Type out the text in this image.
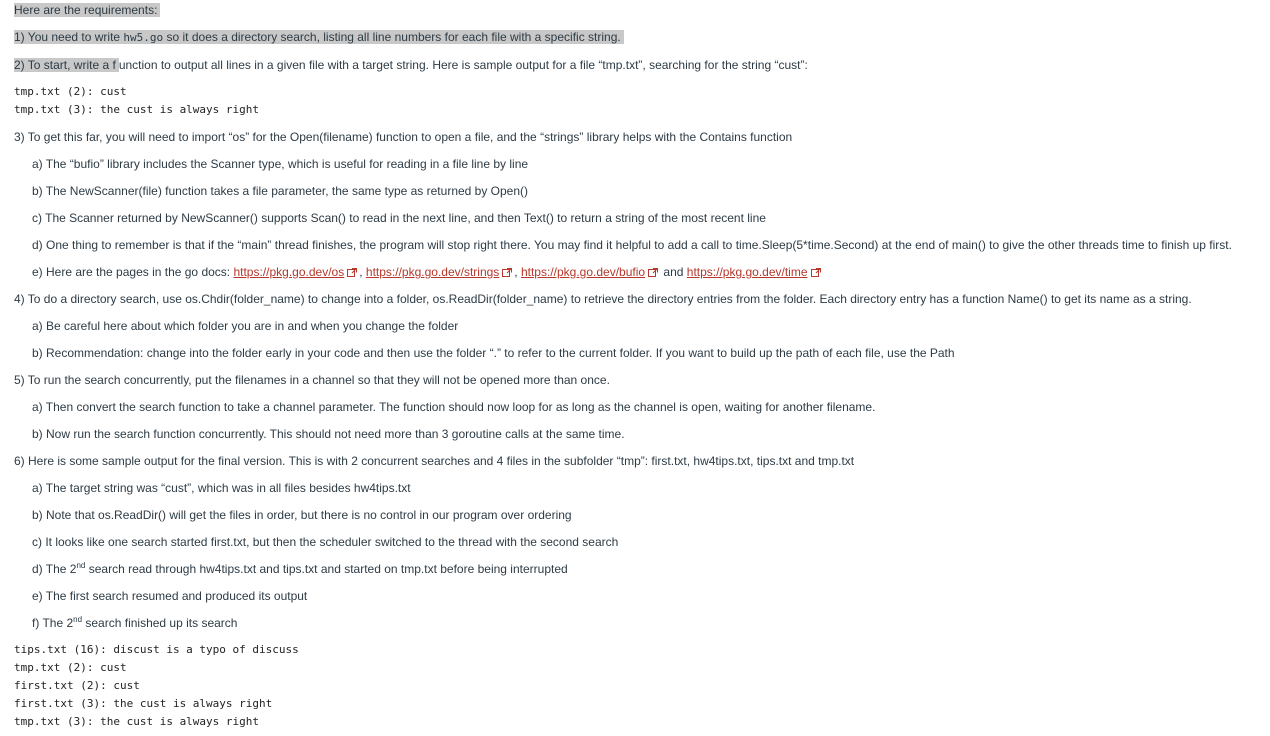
Here are the requirements:
1) You need to write hw5.go so it does a directory search, listing all line numbers for each file with a specific string.
2) To start, write a f unction to output all lines in a given file with a target string. Here is sample output for a file “tmp.txt”, searching for the string “cust”:
tmp.txt (2): cust
tmp.txt (3): the cust is always right
3) To get this far, you will need to import “os” for the Open(filename) function to open a file, and the “strings” library helps with the Contains function
a) The “bufio” library includes the Scanner type, which is useful for reading in a file line by line
b) The NewScanner(file) function takes a file parameter, the same type as returned by Open()
c) The Scanner returned by NewScanner() supports Scan() to read in the next line, and then Text() to return a string of the most recent line
d) One thing to remember is that if the “main” thread finishes, the program will stop right there. You may find it helpful to add a call to time.Sleep(5*time.Second) at the end of main() to give the other threads time to finish up first.
e) Here are the pages in the go docs: https://pkg.go.dev/os , https://pkg.go.dev/strings , https://pkg.go.dev/bufio and https://pkg.go.dev/time
4) To do a directory search, use os.Chdir(folder_name) to change into a folder, os.ReadDir(folder_name) to retrieve the directory entries from the folder. Each directory entry has a function Name() to get its name as a string.
a) Be careful here about which folder you are in and when you change the folder
b) Recommendation: change into the folder early in your code and then use the folder “.” to refer to the current folder. If you want to build up the path of each file, use the Path
5) To run the search concurrently, put the filenames in a channel so that they will not be opened more than once.
a) Then convert the search function to take a channel parameter. The function should now loop for as long as the channel is open, waiting for another filename.
b) Now run the search function concurrently. This should not need more than 3 goroutine calls at the same time.
6) Here is some sample output for the final version. This is with 2 concurrent searches and 4 files in the subfolder “tmp”: first.txt, hw4tips.txt, tips.txt and tmp.txt
a) The target string was “cust”, which was in all files besides hw4tips.txt
b) Note that os.ReadDir() will get the files in order, but there is no control in our program over ordering
c) It looks like one search started first.txt, but then the scheduler switched to the thread with the second search
d) The 2nd search read through hw4tips.txt and tips.txt and started on tmp.txt before being interrupted
e) The first search resumed and produced its output
f) The 2nd search finished up its search
tips.txt (16): discust is a typo of discuss
tmp.txt (2): cust
first.txt (2): cust
first.txt (3): the cust is always right
tmp.txt (3): the cust is always right
